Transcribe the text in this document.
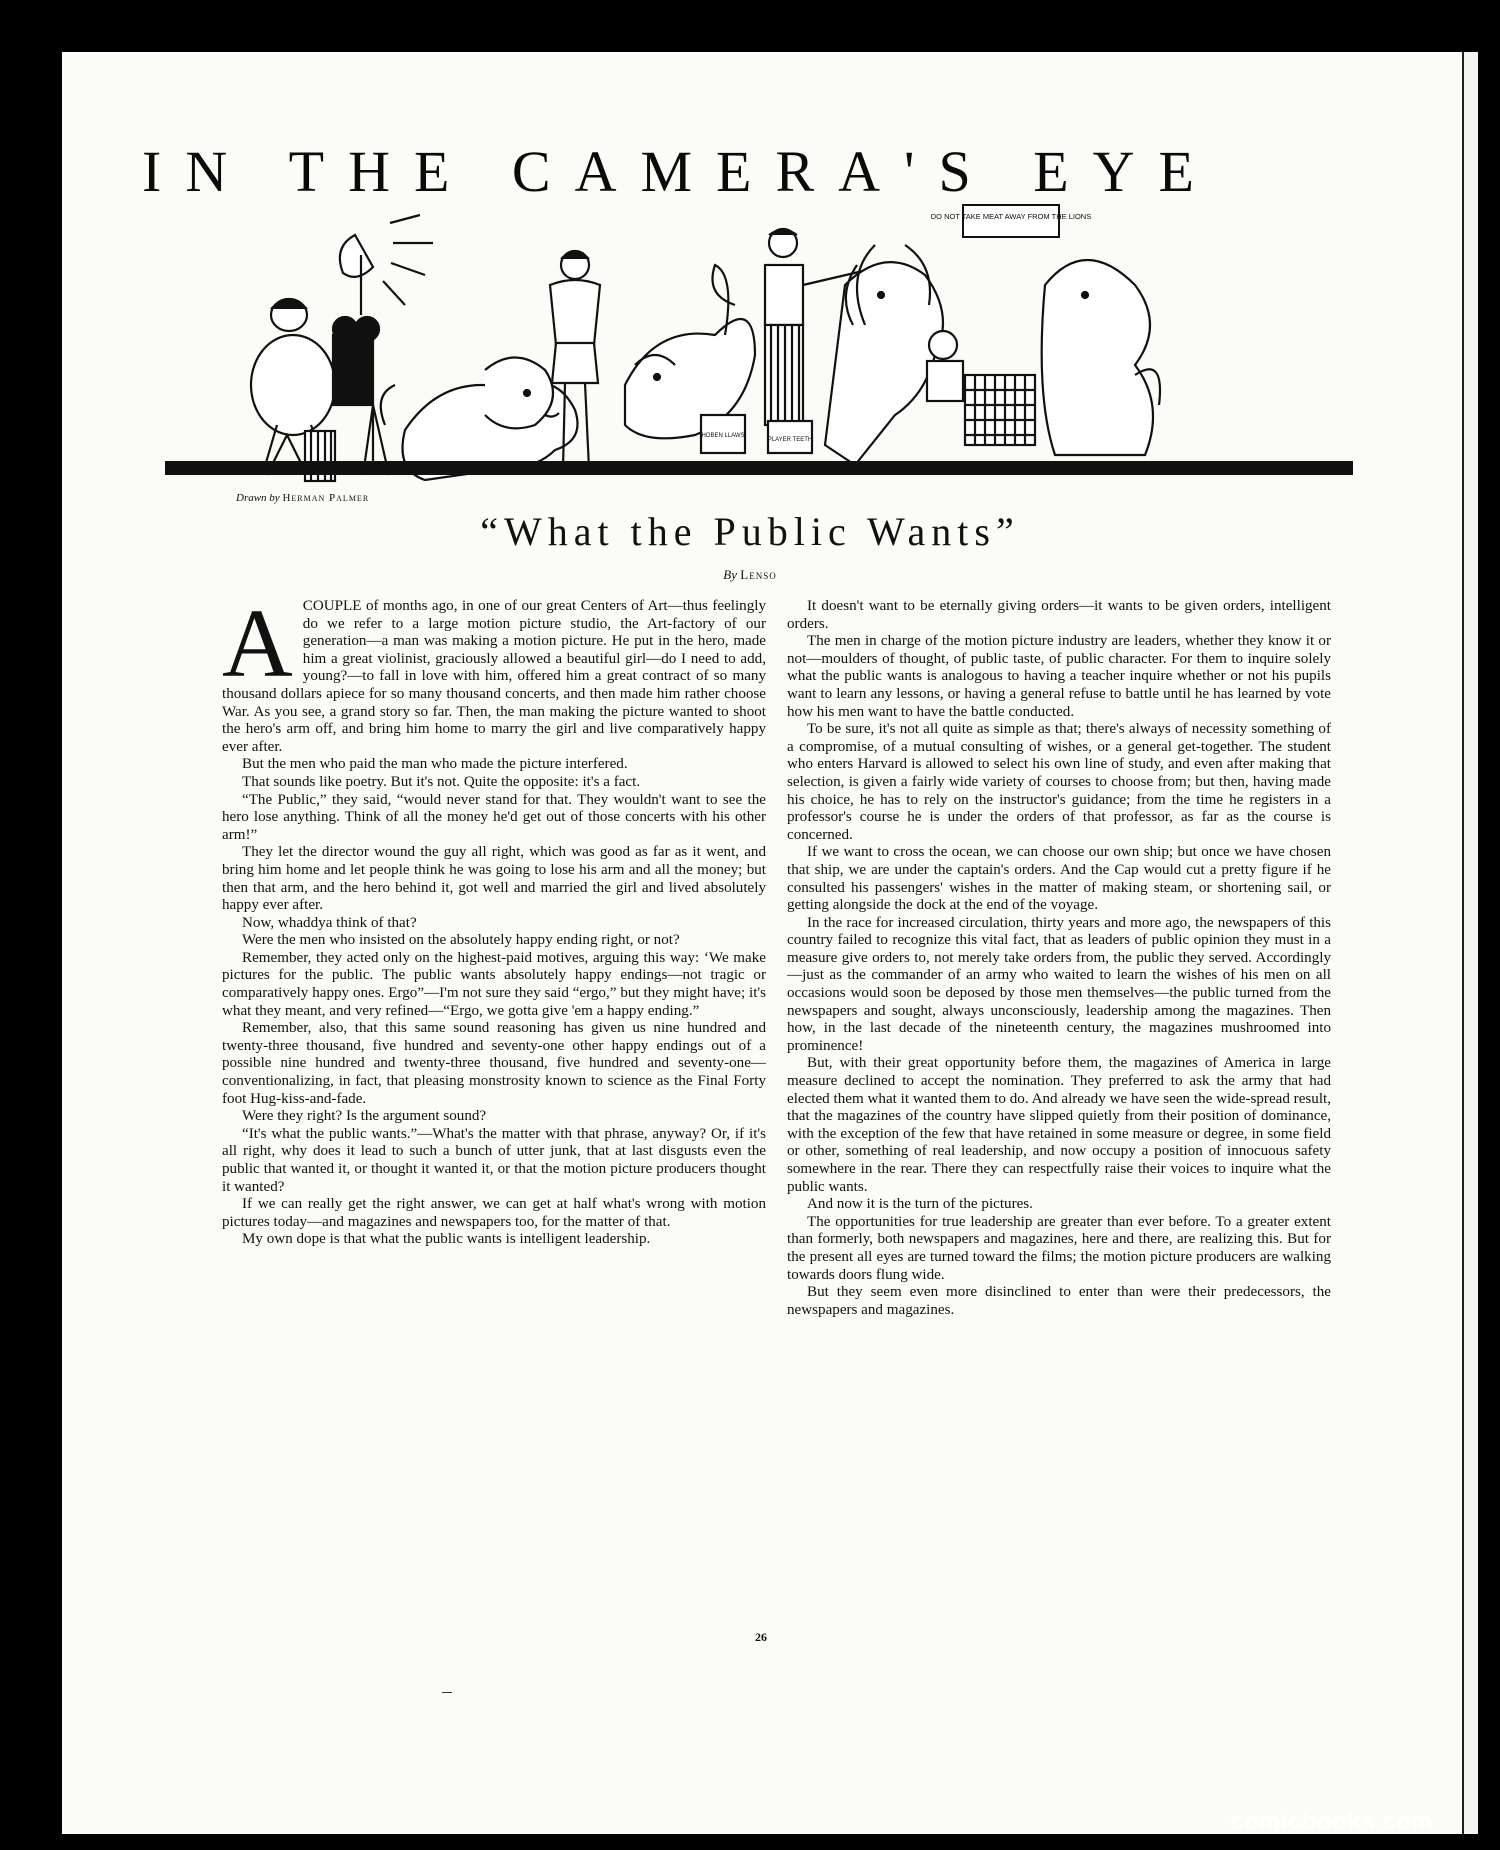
IN THE CAMERA'S EYE
DO NOT TAKE MEAT AWAY FROM THE LIONS
HOBEN LLAWS
PLAYER TEETH
Drawn by Herman Palmer
“What the Public Wants”
By Lenso
A COUPLE of months ago, in one of our great Centers of Art—thus feelingly do we refer to a large motion picture studio, the Art-factory of our generation—a man was making a motion picture. He put in the hero, made him a great violinist, graciously allowed a beautiful girl—do I need to add, young?—to fall in love with him, offered him a great contract of so many thousand dollars apiece for so many thousand concerts, and then made him rather choose War. As you see, a grand story so far. Then, the man making the picture wanted to shoot the hero's arm off, and bring him home to marry the girl and live comparatively happy ever after.

But the men who paid the man who made the picture interfered.

That sounds like poetry. But it's not. Quite the opposite: it's a fact.

“The Public,” they said, “would never stand for that. They wouldn't want to see the hero lose anything. Think of all the money he'd get out of those concerts with his other arm!”

They let the director wound the guy all right, which was good as far as it went, and bring him home and let people think he was going to lose his arm and all the money; but then that arm, and the hero behind it, got well and married the girl and lived absolutely happy ever after.

Now, whaddya think of that?

Were the men who insisted on the absolutely happy ending right, or not?

Remember, they acted only on the highest-paid motives, arguing this way: ‘We make pictures for the public. The public wants absolutely happy endings—not tragic or comparatively happy ones. Ergo”—I'm not sure they said “ergo,” but they might have; it's what they meant, and very refined—“Ergo, we gotta give 'em a happy ending.”

Remember, also, that this same sound reasoning has given us nine hundred and twenty-three thousand, five hundred and seventy-one other happy endings out of a possible nine hundred and twenty-three thousand, five hundred and seventy-one—conventionalizing, in fact, that pleasing monstrosity known to science as the Final Forty foot Hug-kiss-and-fade.

Were they right? Is the argument sound?

“It's what the public wants.”—What's the matter with that phrase, anyway? Or, if it's all right, why does it lead to such a bunch of utter junk, that at last disgusts even the public that wanted it, or thought it wanted it, or that the motion picture producers thought it wanted?

If we can really get the right answer, we can get at half what's wrong with motion pictures today—and magazines and newspapers too, for the matter of that.

My own dope is that what the public wants is intelligent leadership.

It doesn't want to be eternally giving orders—it wants to be given orders, intelligent orders.

The men in charge of the motion picture industry are leaders, whether they know it or not—moulders of thought, of public taste, of public character. For them to inquire solely what the public wants is analogous to having a teacher inquire whether or not his pupils want to learn any lessons, or having a general refuse to battle until he has learned by vote how his men want to have the battle conducted.

To be sure, it's not all quite as simple as that; there's always of necessity something of a compromise, of a mutual consulting of wishes, or a general get-together. The student who enters Harvard is allowed to select his own line of study, and even after making that selection, is given a fairly wide variety of courses to choose from; but then, having made his choice, he has to rely on the instructor's guidance; from the time he registers in a professor's course he is under the orders of that professor, as far as the course is concerned.

If we want to cross the ocean, we can choose our own ship; but once we have chosen that ship, we are under the captain's orders. And the Cap would cut a pretty figure if he consulted his passengers' wishes in the matter of making steam, or shortening sail, or getting alongside the dock at the end of the voyage.

In the race for increased circulation, thirty years and more ago, the newspapers of this country failed to recognize this vital fact, that as leaders of public opinion they must in a measure give orders to, not merely take orders from, the public they served. Accordingly—just as the commander of an army who waited to learn the wishes of his men on all occasions would soon be deposed by those men themselves—the public turned from the newspapers and sought, always unconsciously, leadership among the magazines. Then how, in the last decade of the nineteenth century, the magazines mushroomed into prominence!

But, with their great opportunity before them, the magazines of America in large measure declined to accept the nomination. They preferred to ask the army that had elected them what it wanted them to do. And already we have seen the wide-spread result, that the magazines of the country have slipped quietly from their position of dominance, with the exception of the few that have retained in some measure or degree, in some field or other, something of real leadership, and now occupy a position of innocuous safety somewhere in the rear. There they can respectfully raise their voices to inquire what the public wants.

And now it is the turn of the pictures.

The opportunities for true leadership are greater than ever before. To a greater extent than formerly, both newspapers and magazines, here and there, are realizing this. But for the present all eyes are turned toward the films; the motion picture producers are walking towards doors flung wide.

But they seem even more disinclined to enter than were their predecessors, the newspapers and magazines.

26
comicbooks.com
